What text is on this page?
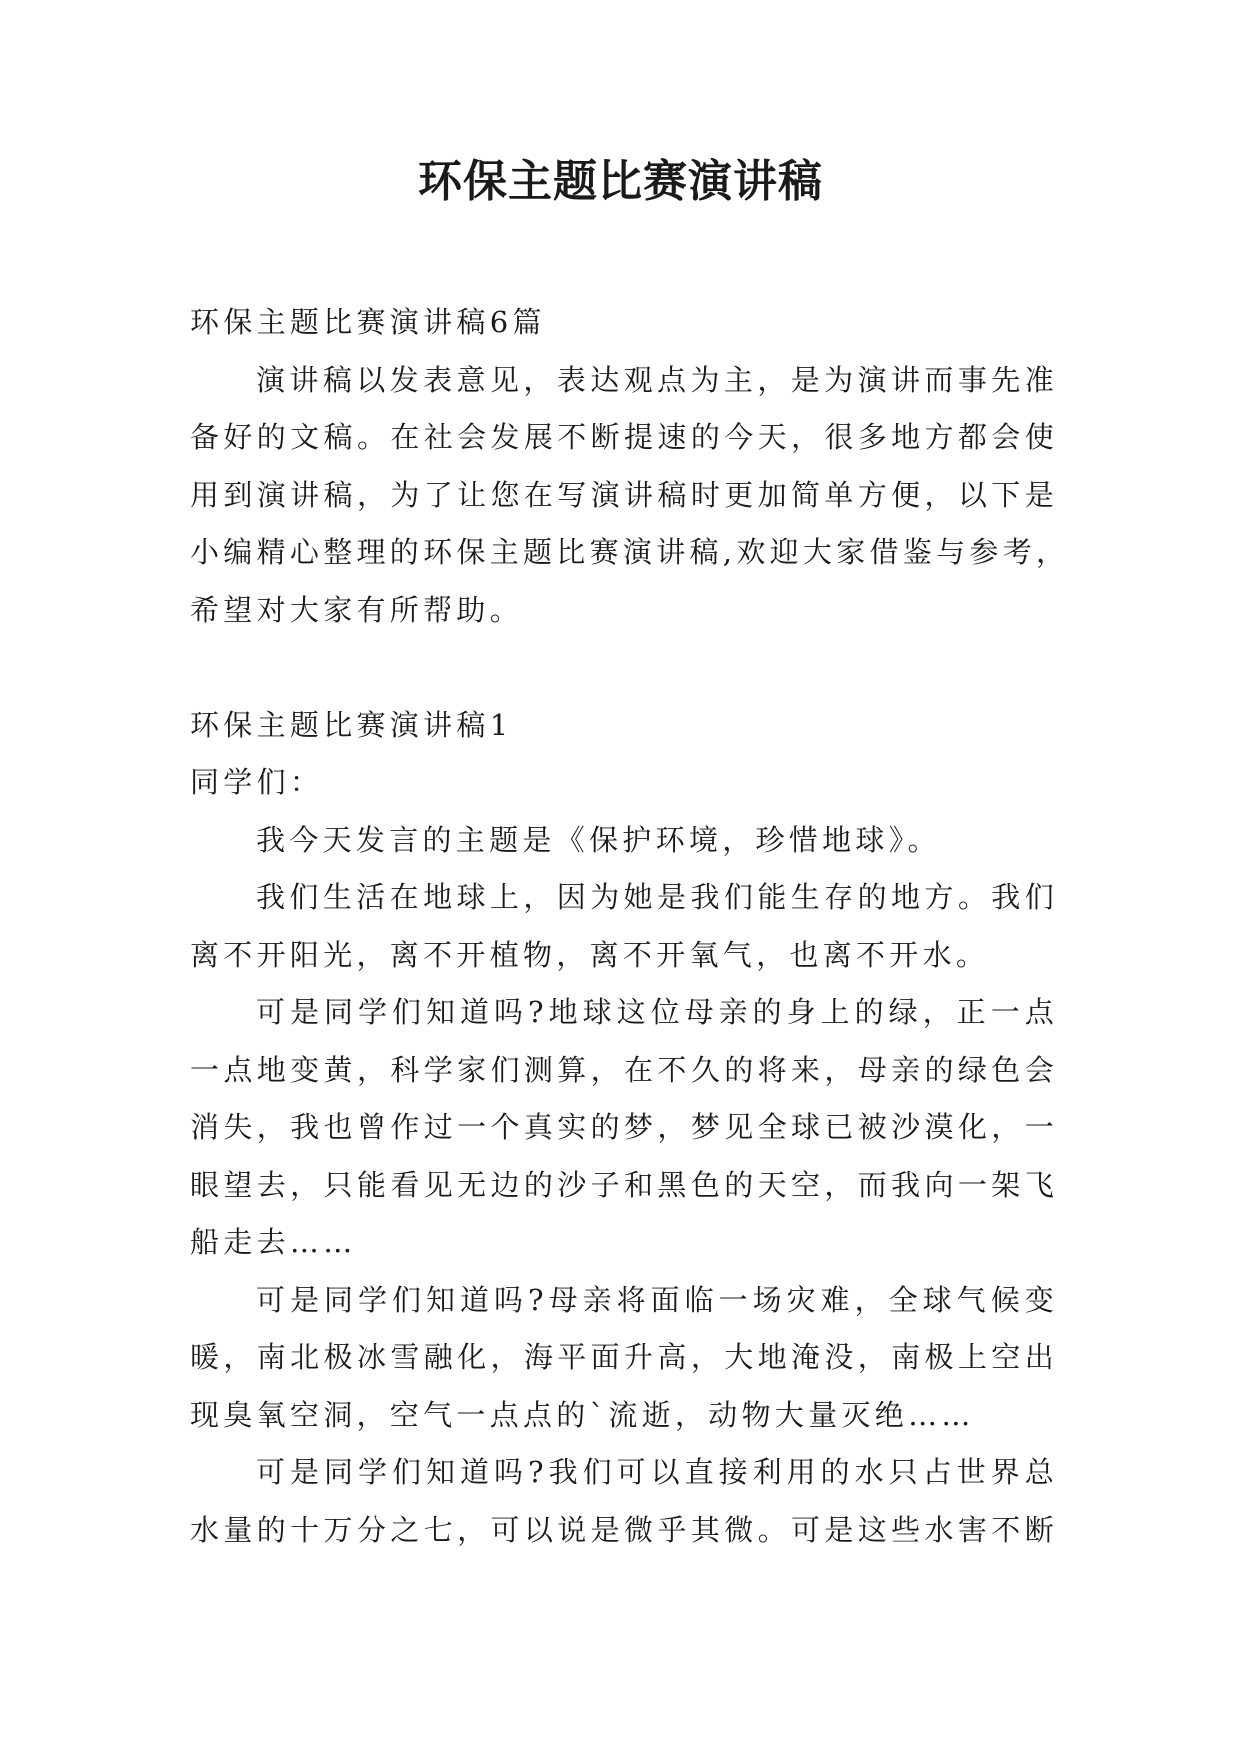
环保主题比赛演讲稿
环保主题比赛演讲稿6篇
演讲稿以发表意见，表达观点为主，是为演讲而事先准
备好的文稿。在社会发展不断提速的今天，很多地方都会使
用到演讲稿，为了让您在写演讲稿时更加简单方便，以下是
小编精心整理的环保主题比赛演讲稿,欢迎大家借鉴与参考，
希望对大家有所帮助。
环保主题比赛演讲稿1
同学们：
我今天发言的主题是《保护环境，珍惜地球》。
我们生活在地球上，因为她是我们能生存的地方。我们
离不开阳光，离不开植物，离不开氧气，也离不开水。
可是同学们知道吗?地球这位母亲的身上的绿，正一点
一点地变黄，科学家们测算，在不久的将来，母亲的绿色会
消失，我也曾作过一个真实的梦，梦见全球已被沙漠化，一
眼望去，只能看见无边的沙子和黑色的天空，而我向一架飞
船走去……
可是同学们知道吗?母亲将面临一场灾难，全球气候变
暖，南北极冰雪融化，海平面升高，大地淹没，南极上空出
现臭氧空洞，空气一点点的`流逝，动物大量灭绝……
可是同学们知道吗?我们可以直接利用的水只占世界总
水量的十万分之七，可以说是微乎其微。可是这些水害不断
